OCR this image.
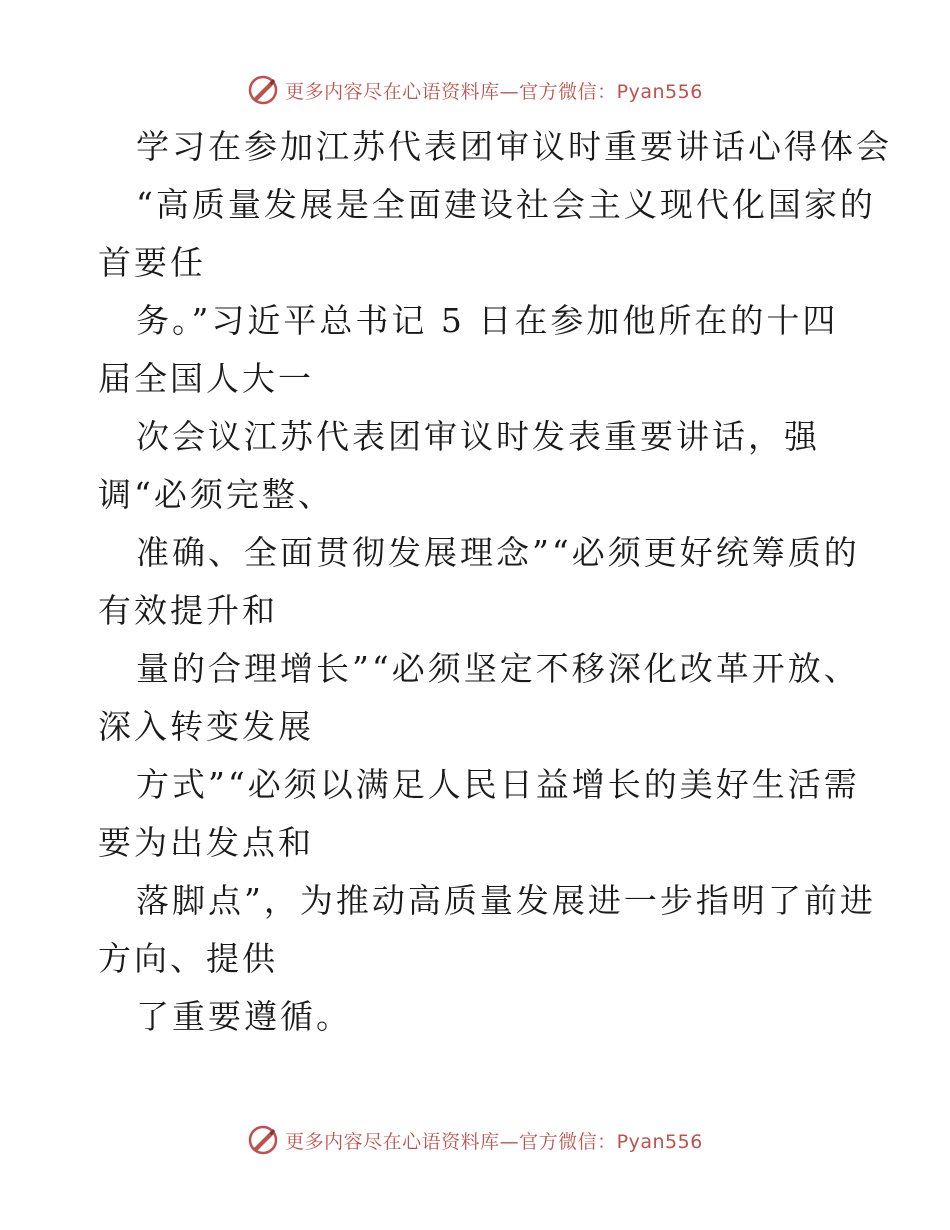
更多内容尽在心语资料库—官方微信：Pyan556
学习在参加江苏代表团审议时重要讲话心得体会
“高质量发展是全面建设社会主义现代化国家的
首要任
务。”习近平总书记 5 日在参加他所在的十四
届全国人大一
次会议江苏代表团审议时发表重要讲话，强
调“必须完整、
准确、全面贯彻发展理念”“必须更好统筹质的
有效提升和
量的合理增长”“必须坚定不移深化改革开放、
深入转变发展
方式”“必须以满足人民日益增长的美好生活需
要为出发点和
落脚点”，为推动高质量发展进一步指明了前进
方向、提供
了重要遵循。
更多内容尽在心语资料库—官方微信：Pyan556
